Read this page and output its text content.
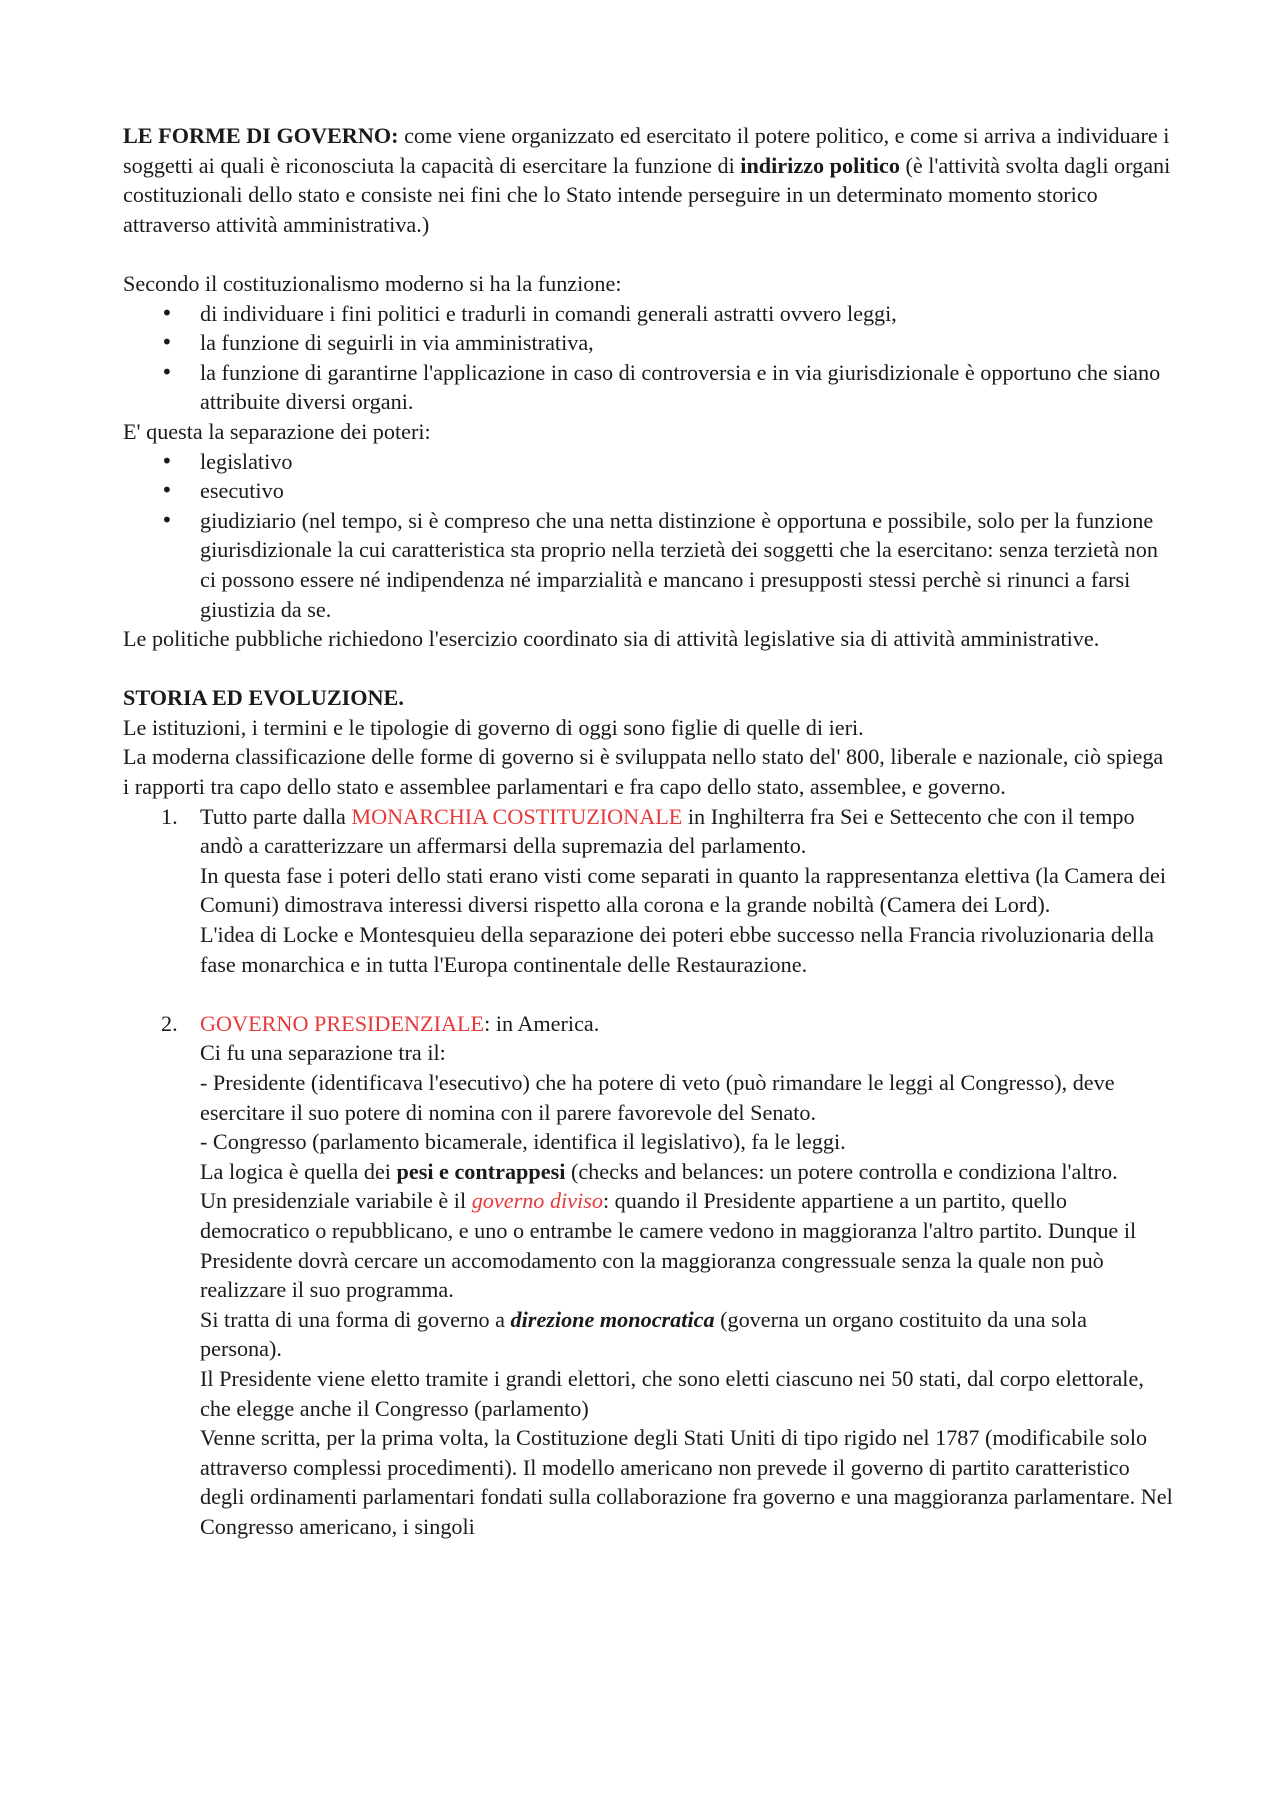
LE FORME DI GOVERNO: come viene organizzato ed esercitato il potere politico, e come si arriva a individuare i soggetti ai quali è riconosciuta la capacità di esercitare la funzione di indirizzo politico (è l'attività svolta dagli organi costituzionali dello stato e consiste nei fini che lo Stato intende perseguire in un determinato momento storico attraverso attività amministrativa.)

Secondo il costituzionalismo moderno si ha la funzione:

• di individuare i fini politici e tradurli in comandi generali astratti ovvero leggi,
• la funzione di seguirli in via amministrativa,
• la funzione di garantirne l'applicazione in caso di controversia e in via giurisdizionale è opportuno che siano attribuite diversi organi.

E' questa la separazione dei poteri:

• legislativo
• esecutivo
• giudiziario (nel tempo, si è compreso che una netta distinzione è opportuna e possibile, solo per la funzione giurisdizionale la cui caratteristica sta proprio nella terzietà dei soggetti che la esercitano: senza terzietà non ci possono essere né indipendenza né imparzialità e mancano i presupposti stessi perchè si rinunci a farsi giustizia da se.

Le politiche pubbliche richiedono l'esercizio coordinato sia di attività legislative sia di attività amministrative.

STORIA ED EVOLUZIONE.

Le istituzioni, i termini e le tipologie di governo di oggi sono figlie di quelle di ieri.

La moderna classificazione delle forme di governo si è sviluppata nello stato del' 800, liberale e nazionale, ciò spiega i rapporti tra capo dello stato e assemblee parlamentari e fra capo dello stato, assemblee, e governo.

1. Tutto parte dalla MONARCHIA COSTITUZIONALE in Inghilterra fra Sei e Settecento che con il tempo andò a caratterizzare un affermarsi della supremazia del parlamento.

In questa fase i poteri dello stati erano visti come separati in quanto la rappresentanza elettiva (la Camera dei Comuni) dimostrava interessi diversi rispetto alla corona e la grande nobiltà (Camera dei Lord).

L'idea di Locke e Montesquieu della separazione dei poteri ebbe successo nella Francia rivoluzionaria della fase monarchica e in tutta l'Europa continentale delle Restaurazione.

2. GOVERNO PRESIDENZIALE: in America.

Ci fu una separazione tra il:

- Presidente (identificava l'esecutivo) che ha potere di veto (può rimandare le leggi al Congresso), deve esercitare il suo potere di nomina con il parere favorevole del Senato.

- Congresso (parlamento bicamerale, identifica il legislativo), fa le leggi.

La logica è quella dei pesi e contrappesi (checks and belances: un potere controlla e condiziona l'altro.

Un presidenziale variabile è il governo diviso: quando il Presidente appartiene a un partito, quello democratico o repubblicano, e uno o entrambe le camere vedono in maggioranza l'altro partito. Dunque il Presidente dovrà cercare un accomodamento con la maggioranza congressuale senza la quale non può realizzare il suo programma.

Si tratta di una forma di governo a direzione monocratica (governa un organo costituito da una sola persona).

Il Presidente viene eletto tramite i grandi elettori, che sono eletti ciascuno nei 50 stati, dal corpo elettorale, che elegge anche il Congresso (parlamento)

Venne scritta, per la prima volta, la Costituzione degli Stati Uniti di tipo rigido nel 1787 (modificabile solo attraverso complessi procedimenti). Il modello americano non prevede il governo di partito caratteristico degli ordinamenti parlamentari fondati sulla collaborazione fra governo e una maggioranza parlamentare. Nel Congresso americano, i singoli
